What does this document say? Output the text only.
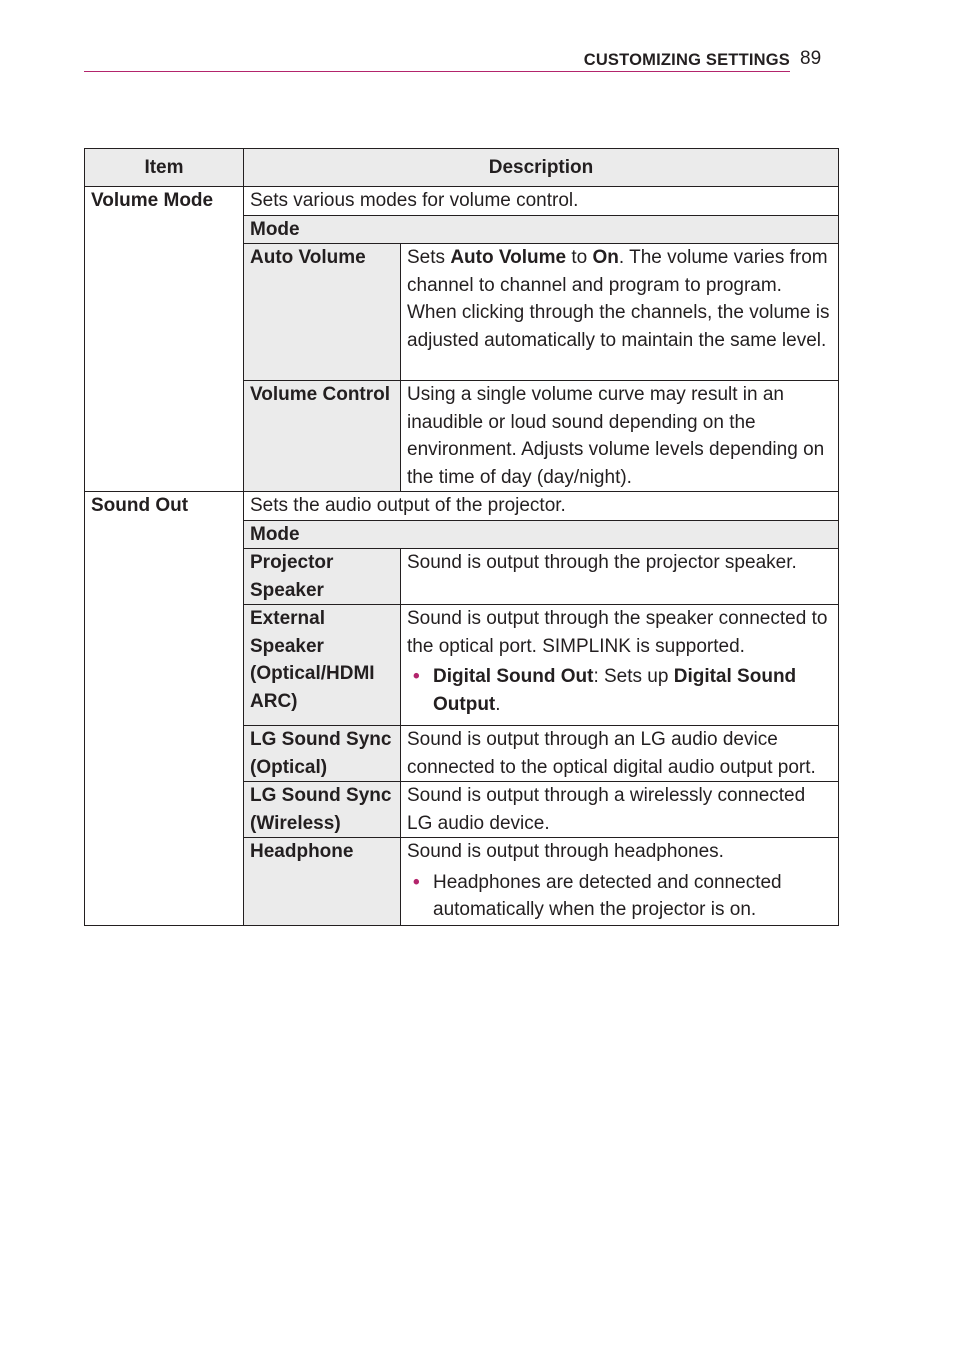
CUSTOMIZING SETTINGS 89
Item	Description	
Volume Mode	Sets various modes for volume control.	
	Mode	
	Auto Volume	Sets Auto Volume to On. The volume varies from channel to channel and program to program. When clicking through the channels, the volume is adjusted automatically to maintain the same level.
	Volume Control	Using a single volume curve may result in an inaudible or loud sound depending on the environment. Adjusts volume levels depending on the time of day (day/night).
Sound Out	Sets the audio output of the projector.	
	Mode	
	Projector Speaker	Sound is output through the projector speaker.
	External Speaker (Optical/HDMI ARC)	Sound is output through the speaker connected to the optical port. SIMPLINK is supported.
• Digital Sound Out: Sets up Digital Sound Output.

	LG Sound Sync (Optical)	Sound is output through an LG audio device connected to the optical digital audio output port.
	LG Sound Sync (Wireless)	Sound is output through a wirelessly connected LG audio device.
	Headphone	Sound is output through headphones.
• Headphones are detected and connected automatically when the projector is on.
